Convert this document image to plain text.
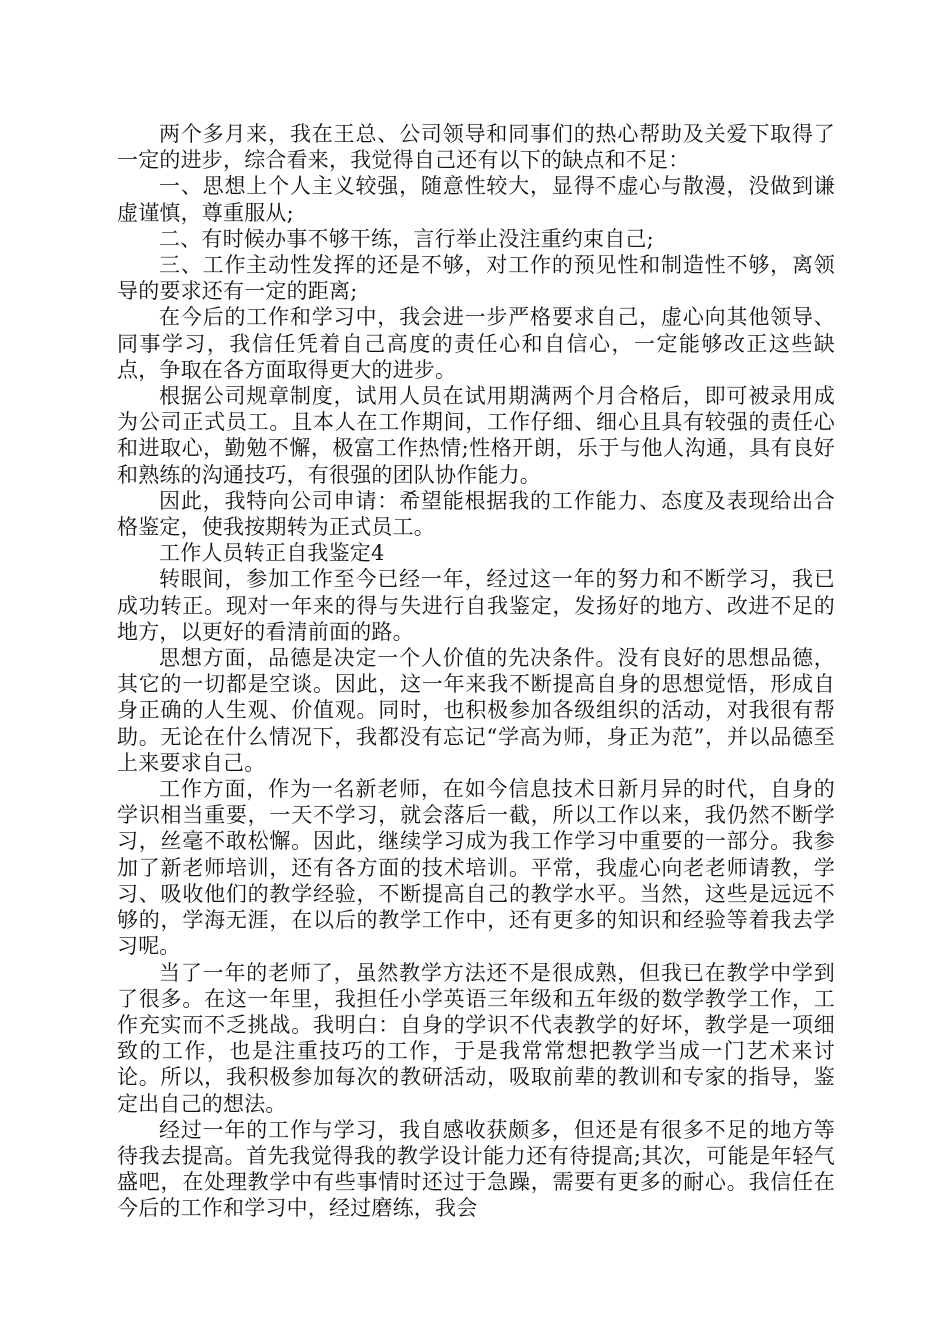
两个多月来，我在王总、公司领导和同事们的热心帮助及关爱下取得了一定的进步，综合看来，我觉得自己还有以下的缺点和不足：

一、思想上个人主义较强，随意性较大，显得不虚心与散漫，没做到谦虚谨慎，尊重服从;

二、有时候办事不够干练，言行举止没注重约束自己;

三、工作主动性发挥的还是不够，对工作的预见性和制造性不够，离领导的要求还有一定的距离;

在今后的工作和学习中，我会进一步严格要求自己，虚心向其他领导、同事学习，我信任凭着自己高度的责任心和自信心，一定能够改正这些缺点，争取在各方面取得更大的进步。

根据公司规章制度，试用人员在试用期满两个月合格后，即可被录用成为公司正式员工。且本人在工作期间，工作仔细、细心且具有较强的责任心和进取心，勤勉不懈，极富工作热情;性格开朗，乐于与他人沟通，具有良好和熟练的沟通技巧，有很强的团队协作能力。

因此，我特向公司申请：希望能根据我的工作能力、态度及表现给出合格鉴定，使我按期转为正式员工。

工作人员转正自我鉴定4

转眼间，参加工作至今已经一年，经过这一年的努力和不断学习，我已成功转正。现对一年来的得与失进行自我鉴定，发扬好的地方、改进不足的地方，以更好的看清前面的路。

思想方面，品德是决定一个人价值的先决条件。没有良好的思想品德，其它的一切都是空谈。因此，这一年来我不断提高自身的思想觉悟，形成自身正确的人生观、价值观。同时，也积极参加各级组织的活动，对我很有帮助。无论在什么情况下，我都没有忘记“学高为师，身正为范”，并以品德至上来要求自己。

工作方面，作为一名新老师，在如今信息技术日新月异的时代，自身的学识相当重要，一天不学习，就会落后一截，所以工作以来，我仍然不断学习，丝毫不敢松懈。因此，继续学习成为我工作学习中重要的一部分。我参加了新老师培训，还有各方面的技术培训。平常，我虚心向老老师请教，学习、吸收他们的教学经验，不断提高自己的教学水平。当然，这些是远远不够的，学海无涯，在以后的教学工作中，还有更多的知识和经验等着我去学习呢。

当了一年的老师了，虽然教学方法还不是很成熟，但我已在教学中学到了很多。在这一年里，我担任小学英语三年级和五年级的数学教学工作，工作充实而不乏挑战。我明白：自身的学识不代表教学的好坏，教学是一项细致的工作，也是注重技巧的工作，于是我常常想把教学当成一门艺术来讨论。所以，我积极参加每次的教研活动，吸取前辈的教训和专家的指导，鉴定出自己的想法。

经过一年的工作与学习，我自感收获颇多，但还是有很多不足的地方等待我去提高。首先我觉得我的教学设计能力还有待提高;其次，可能是年轻气盛吧，在处理教学中有些事情时还过于急躁，需要有更多的耐心。我信任在今后的工作和学习中，经过磨练，我会
